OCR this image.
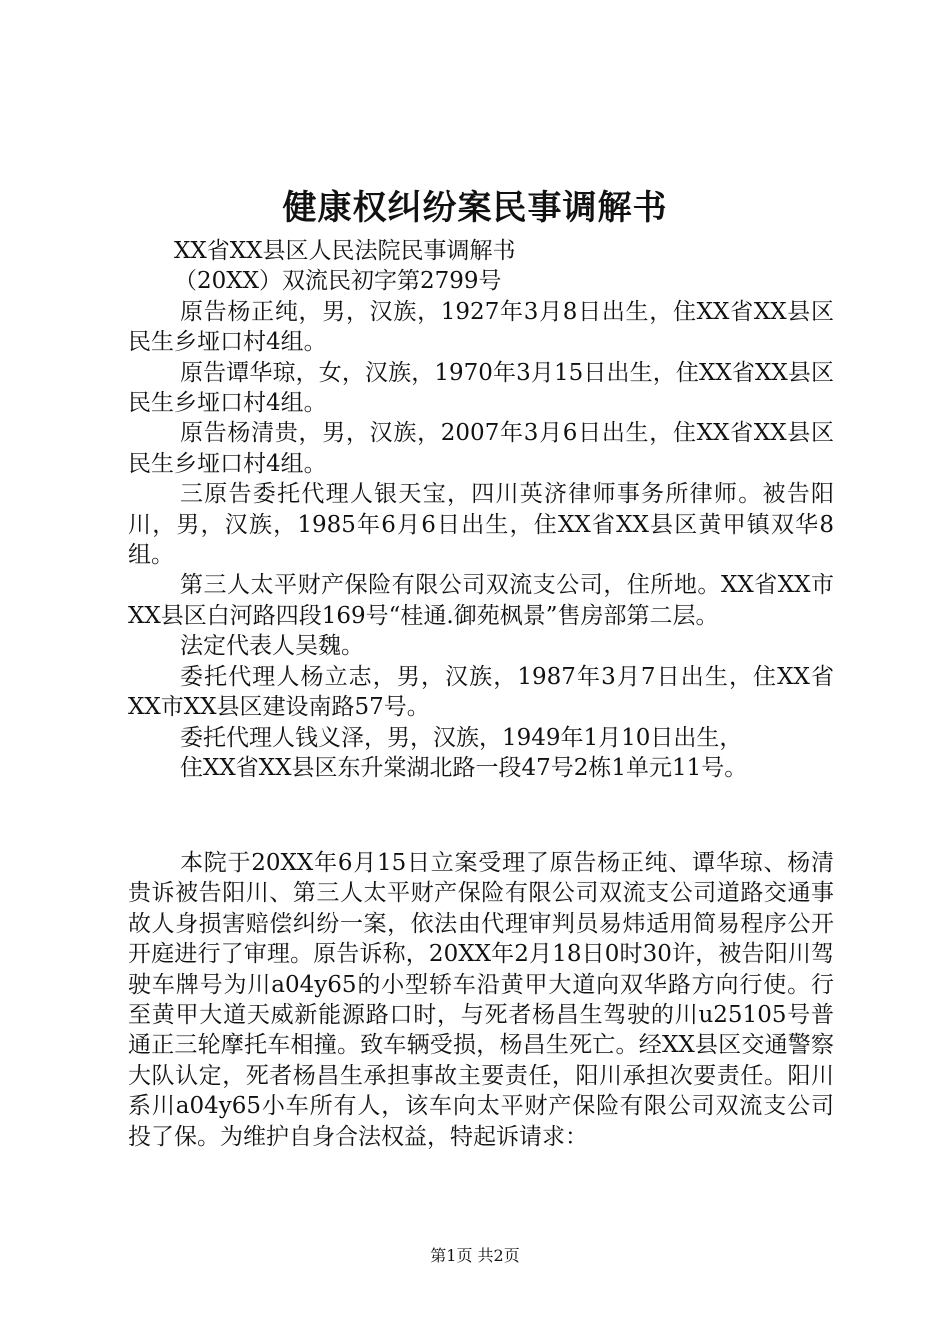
健康权纠纷案民事调解书

XX省XX县区人民法院民事调解书

（20XX）双流民初字第2799号

原告杨正纯，男，汉族，1927年3月8日出生，住XX省XX县区民生乡垭口村4组。

原告谭华琼，女，汉族，1970年3月15日出生，住XX省XX县区民生乡垭口村4组。

原告杨清贵，男，汉族，2007年3月6日出生，住XX省XX县区民生乡垭口村4组。

三原告委托代理人银天宝，四川英济律师事务所律师。被告阳川，男，汉族，1985年6月6日出生，住XX省XX县区黄甲镇双华8组。

第三人太平财产保险有限公司双流支公司，住所地。XX省XX市XX县区白河路四段169号“桂通.御苑枫景”售房部第二层。

法定代表人吴魏。

委托代理人杨立志，男，汉族，1987年3月7日出生，住XX省XX市XX县区建设南路57号。

委托代理人钱义泽，男，汉族，1949年1月10日出生，

住XX省XX县区东升棠湖北路一段47号2栋1单元11号。

本院于20XX年6月15日立案受理了原告杨正纯、谭华琼、杨清贵诉被告阳川、第三人太平财产保险有限公司双流支公司道路交通事故人身损害赔偿纠纷一案，依法由代理审判员易炜适用简易程序公开开庭进行了审理。原告诉称，20XX年2月18日0时30许，被告阳川驾驶车牌号为川a04y65的小型轿车沿黄甲大道向双华路方向行使。行至黄甲大道天威新能源路口时，与死者杨昌生驾驶的川u25105号普通正三轮摩托车相撞。致车辆受损，杨昌生死亡。经XX县区交通警察大队认定，死者杨昌生承担事故主要责任，阳川承担次要责任。阳川系川a04y65小车所有人，该车向太平财产保险有限公司双流支公司投了保。为维护自身合法权益，特起诉请求：

第1页 共2页
